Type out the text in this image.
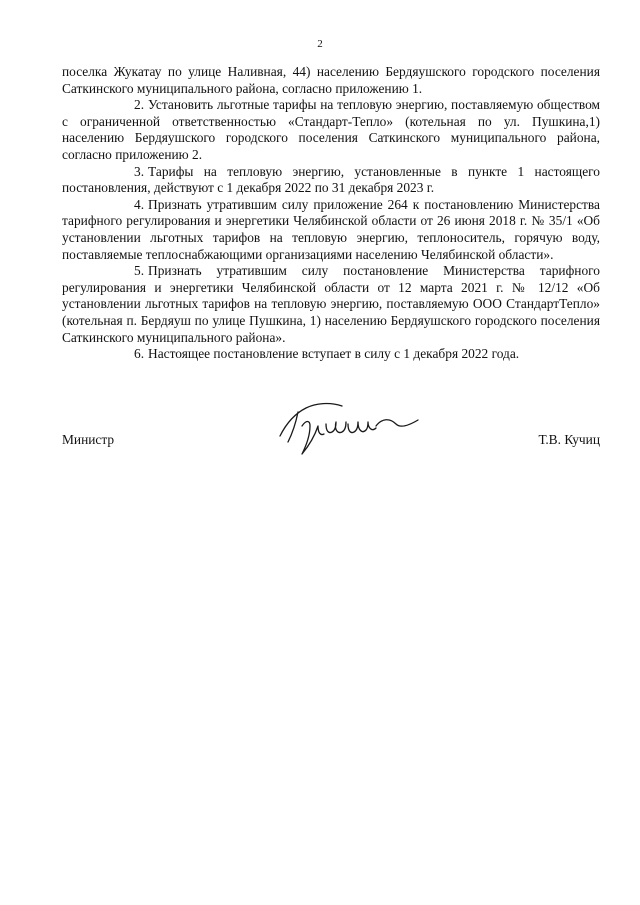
2

поселка Жукатау по улице Наливная, 44) населению Бердяушского городского поселения Саткинского муниципального района, согласно приложению 1.

2. Установить льготные тарифы на тепловую энергию, поставляемую обществом с ограниченной ответственностью «Стандарт-Тепло» (котельная по ул. Пушкина,1) населению Бердяушского городского поселения Саткинского муниципального района, согласно приложению 2.

3. Тарифы на тепловую энергию, установленные в пункте 1 настоящего постановления, действуют с 1 декабря 2022 по 31 декабря 2023 г.

4. Признать утратившим силу приложение 264 к постановлению Министерства тарифного регулирования и энергетики Челябинской области от 26 июня 2018 г. № 35/1 «Об установлении льготных тарифов на тепловую энергию, теплоноситель, горячую воду, поставляемые теплоснабжающими организациями населению Челябинской области».

5. Признать утратившим силу постановление Министерства тарифного регулирования и энергетики Челябинской области от 12 марта 2021 г. № 12/12 «Об установлении льготных тарифов на тепловую энергию, поставляемую ООО СтандартТепло» (котельная п. Бердяуш по улице Пушкина, 1) населению Бердяушского городского поселения Саткинского муниципального района».

6. Настоящее постановление вступает в силу с 1 декабря 2022 года.

Министр	Т.В. Кучиц
